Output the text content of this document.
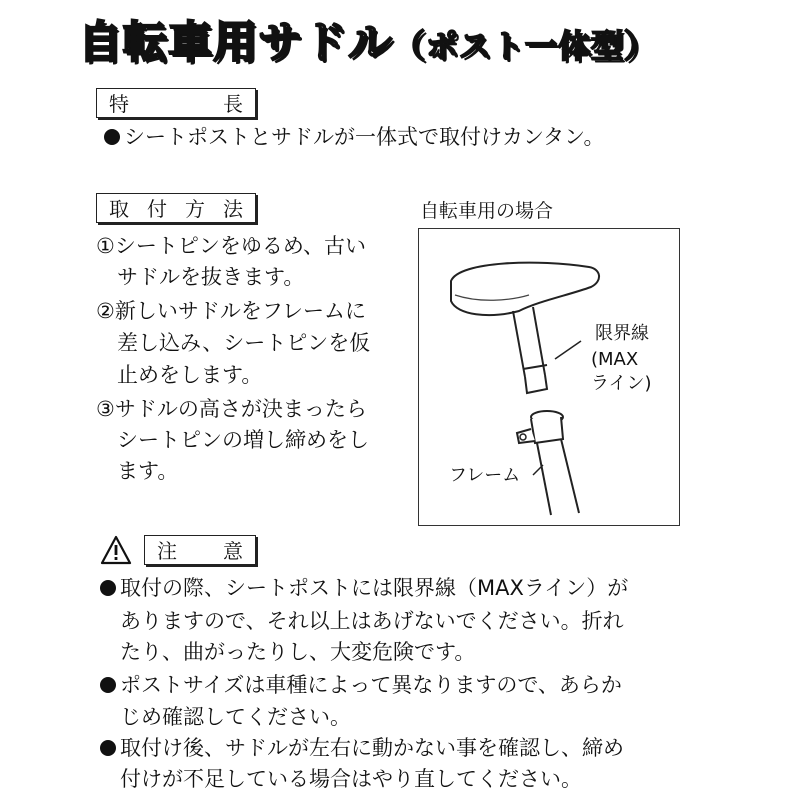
自転車用サドル（ポスト一体型）
特	長
シートポストとサドルが一体式で取付けカンタン。
取 付 方 法
①シートピンをゆるめ、古い
　サドルを抜きます。
②新しいサドルをフレームに
　差し込み、シートピンを仮
　止めをします。
③サドルの高さが決まったら
　シートピンの増し締めをし
　ます。
自転車用の場合
限界線
(MAX
ライン)
フレーム
注 意
取付の際、シートポストには限界線（MAXライン）が
ありますので、それ以上はあげないでください。折れ
たり、曲がったりし、大変危険です。
ポストサイズは車種によって異なりますので、あらか
じめ確認してください。
取付け後、サドルが左右に動かない事を確認し、締め
付けが不足している場合はやり直してください。
